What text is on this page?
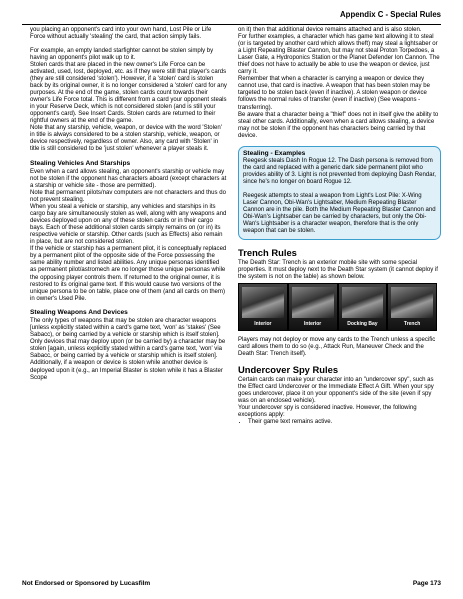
Appendix C - Special Rules

you placing an opponent's card into your own hand, Lost Pile or Life Force without actually 'stealing' the card, that action simply fails.

For example, an empty landed starfighter cannot be stolen simply by having an opponent's pilot walk up to it.

Stolen cards that are placed in the new owner's Life Force can be activated, used, lost, deployed, etc. as if they were still that player's cards (they are still considered 'stolen'). However, if a 'stolen' card is stolen back by its original owner, it is no longer considered a 'stolen' card for any purposes. At the end of the game, stolen cards count towards their owner's Life Force total. This is different from a card your opponent steals in your Reserve Deck, which is not considered stolen (and is still your opponent's card). See Insert Cards. Stolen cards are returned to their rightful owners at the end of the game.

Note that any starship, vehicle, weapon, or device with the word 'Stolen' in title is always considered to be a stolen starship, vehicle, weapon, or device respectively, regardless of owner. Also, any card with 'Stolen' in title is still considered to be 'just stolen' whenever a player steals it.

Stealing Vehicles And Starships

Even when a card allows stealing, an opponent's starship or vehicle may not be stolen if the opponent has characters aboard (except characters at a starship or vehicle site - those are permitted).

Note that permanent pilots/nav computers are not characters and thus do not prevent stealing.

When you steal a vehicle or starship, any vehicles and starships in its cargo bay are simultaneously stolen as well, along with any weapons and devices deployed upon on any of these stolen cards or in their cargo bays. Each of these additional stolen cards simply remains on (or in) its respective vehicle or starship. Other cards (such as Effects) also remain in place, but are not considered stolen.

If the vehicle or starship has a permanent pilot, it is conceptually replaced by a permanent pilot of the opposite side of the Force possessing the same ability number and listed abilities. Any unique personas identified as permanent pilot/astromech are no longer those unique personas while the opposing player controls them. If returned to the original owner, it is restored to its original game text. If this would cause two versions of the unique persona to be on table, place one of them (and all cards on them) in owner's Used Pile.

Stealing Weapons And Devices

The only types of weapons that may be stolen are character weapons [unless explicitly stated within a card's game text, 'won' as 'stakes' (See Sabacc), or being carried by a vehicle or starship which is itself stolen]. Only devices that may deploy upon (or be carried by) a character may be stolen [again, unless explicitly stated within a card's game text, 'won' via Sabacc, or being carried by a vehicle or starship which is itself stolen]. Additionally, if a weapon or device is stolen while another device is deployed upon it (e.g., an Imperial Blaster is stolen while it has a Blaster Scope

on it) then that additional device remains attached and is also stolen.

For further examples, a character which has game text allowing it to steal (or is targeted by another card which allows theft) may steal a lightsaber or a Light Repeating Blaster Cannon, but may not steal Proton Torpedoes, a Laser Gate, a Hydroponics Station or the Planet Defender Ion Cannon. The thief does not have to actually be able to use the weapon or device, just carry it.

Remember that when a character is carrying a weapon or device they cannot use, that card is inactive. A weapon that has been stolen may be targeted to be stolen back (even if inactive). A stolen weapon or device follows the normal rules of transfer (even if inactive) (See weapons - transferring).

Be aware that a character being a "thief" does not in itself give the ability to steal other cards. Additionally, even when a card allows stealing, a device may not be stolen if the opponent has characters being carried by that device.

Stealing - Examples

Reegesk steals Dash In Rogue 12. The Dash persona is removed from the card and replaced with a generic dark side permanent pilot who provides ability of 3. Light is not prevented from deploying Dash Rendar, since he's no longer on board Rogue 12.

Reegesk attempts to steal a weapon from Light's Lost Pile: X-Wing Laser Cannon, Obi-Wan's Lightsaber, Medium Repeating Blaster Cannon are in the pile. Both the Medium Repeating Blaster Cannon and Obi-Wan's Lightsaber can be carried by characters, but only the Obi-Wan's Lightsaber is a character weapon, therefore that is the only weapon that can be stolen.

Trench Rules

The Death Star: Trench is an exterior mobile site with some special properties. It must deploy next to the Death Star system (it cannot deploy if the system is not on the table) as shown below.

Interior	Interior	Docking Bay	Trench

Players may not deploy or move any cards to the Trench unless a specific card allows them to do so (e.g., Attack Run, Maneuver Check and the Death Star: Trench itself).

Undercover Spy Rules

Certain cards can make your character into an "undercover spy", such as the Effect card Undercover or the Immediate Effect A Gift. When your spy goes undercover, place it on your opponent's side of the site (even if spy was on an enclosed vehicle).

Your undercover spy is considered inactive. However, the following exceptions apply:

• Their game text remains active.
Not Endorsed or Sponsored by Lucasfilm	Page 173
